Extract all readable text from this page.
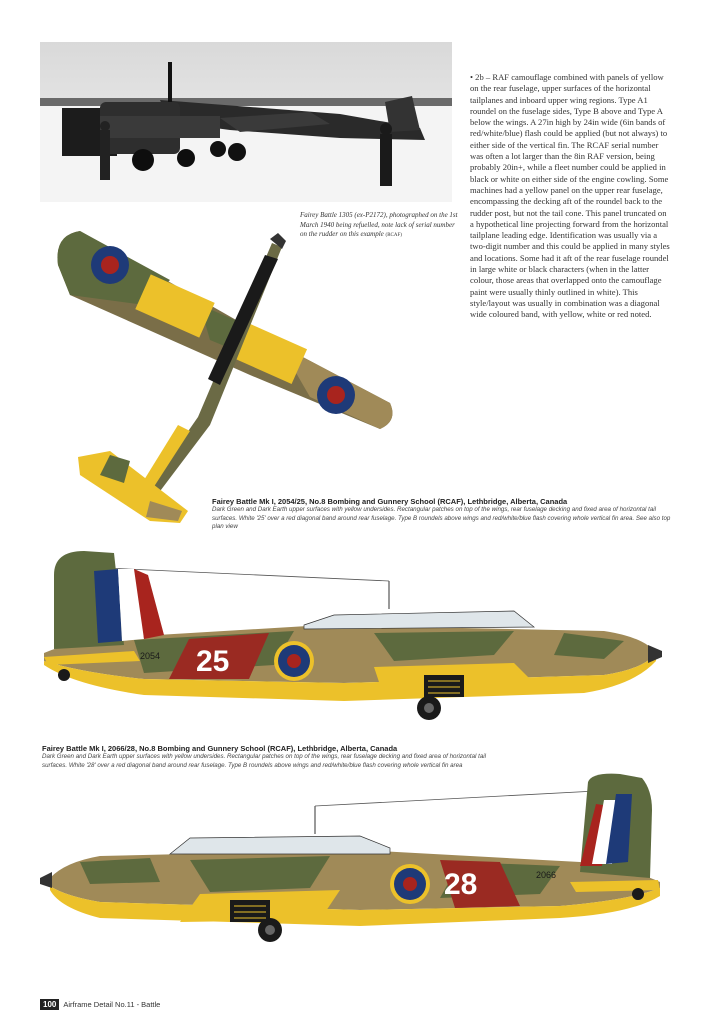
• 2b – RAF camouflage combined with panels of yellow on the rear fuselage, upper surfaces of the horizontal tailplanes and inboard upper wing regions. Type A1 roundel on the fuselage sides, Type B above and Type A below the wings. A 27in high by 24in wide (6in bands of red/white/blue) flash could be applied (but not always) to either side of the vertical fin. The RCAF serial number was often a lot larger than the 8in RAF version, being probably 20in+, while a fleet number could be applied in black or white on either side of the engine cowling. Some machines had a yellow panel on the upper rear fuselage, encompassing the decking aft of the roundel back to the rudder post, but not the tail cone. This panel truncated on a hypothetical line projecting forward from the horizontal tailplane leading edge. Identification was usually via a two-digit number and this could be applied in many styles and locations. Some had it aft of the rear fuselage roundel in large white or black characters (when in the latter colour, those areas that overlapped onto the camouflage paint were usually thinly outlined in white). This style/layout was usually in combination was a diagonal wide coloured band, with yellow, white or red noted.
Fairey Battle 1305 (ex-P2172), photographed on the 1st March 1940 being refuelled, note lack of serial number on the rudder on this example (RCAF)
Fairey Battle Mk I, 2054/25, No.8 Bombing and Gunnery School (RCAF), Lethbridge, Alberta, Canada
Dark Green and Dark Earth upper surfaces with yellow undersides. Rectangular patches on top of the wings, rear fuselage decking and fixed area of horizontal tail surfaces. White '25' over a red diagonal band around rear fuselage. Type B roundels above wings and red/white/blue flash covering whole vertical fin area. See also top plan view
2054 25
Fairey Battle Mk I, 2066/28, No.8 Bombing and Gunnery School (RCAF), Lethbridge, Alberta, Canada
Dark Green and Dark Earth upper surfaces with yellow undersides. Rectangular patches on top of the wings, rear fuselage decking and fixed area of horizontal tail surfaces. White '28' over a red diagonal band around rear fuselage. Type B roundels above wings and red/white/blue flash covering whole vertical fin area
28	2066
100 Airframe Detail No.11 - Battle
